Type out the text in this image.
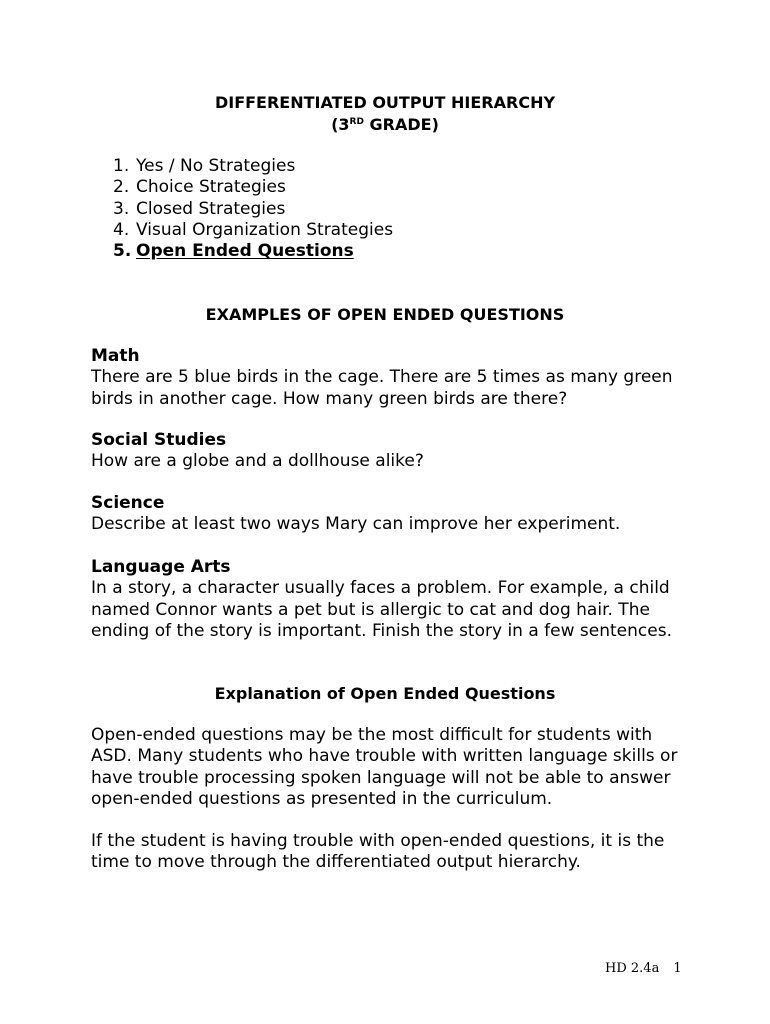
DIFFERENTIATED OUTPUT HIERARCHY
(3RD GRADE)
1. Yes / No Strategies
2. Choice Strategies
3. Closed Strategies
4. Visual Organization Strategies
5. Open Ended Questions
EXAMPLES OF OPEN ENDED QUESTIONS
Math
There are 5 blue birds in the cage. There are 5 times as many green birds in another cage. How many green birds are there?
Social Studies
How are a globe and a dollhouse alike?
Science
Describe at least two ways Mary can improve her experiment.
Language Arts
In a story, a character usually faces a problem. For example, a child named Connor wants a pet but is allergic to cat and dog hair. The ending of the story is important. Finish the story in a few sentences.
Explanation of Open Ended Questions
Open-ended questions may be the most difficult for students with ASD. Many students who have trouble with written language skills or have trouble processing spoken language will not be able to answer open-ended questions as presented in the curriculum.
If the student is having trouble with open-ended questions, it is the time to move through the differentiated output hierarchy.
HD 2.4a 1
